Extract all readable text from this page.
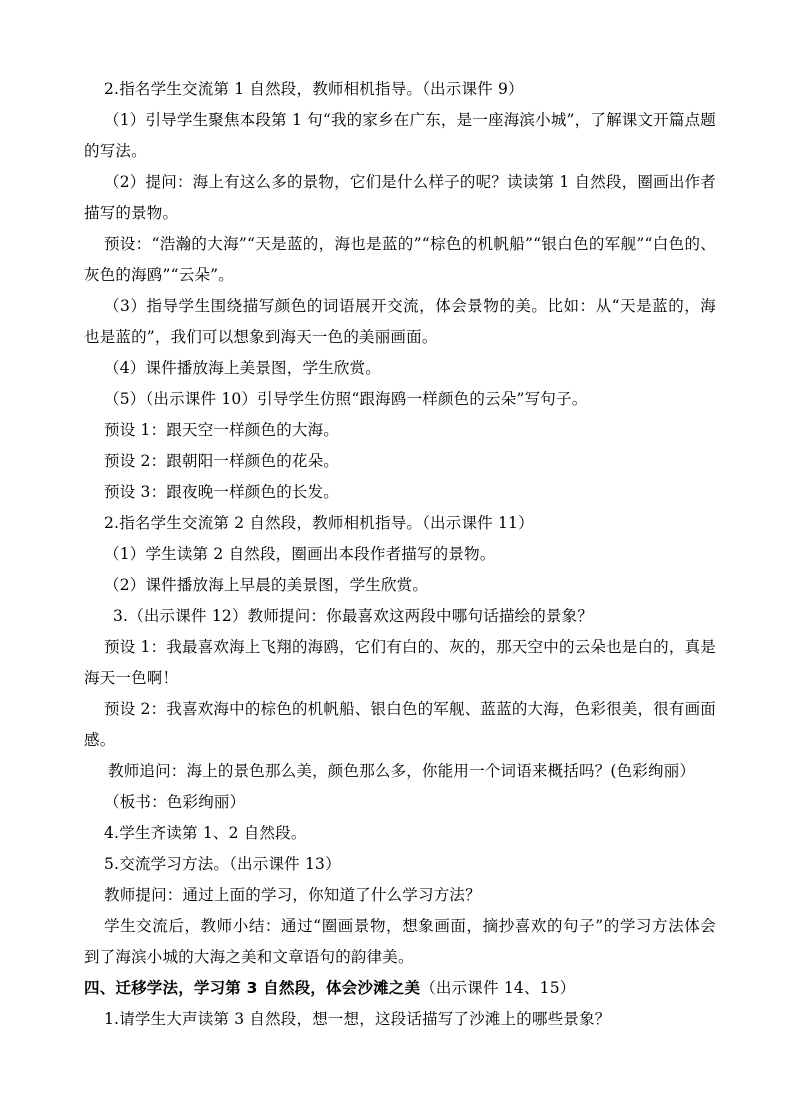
2.指名学生交流第 1 自然段，教师相机指导。（出示课件 9）

（1）引导学生聚焦本段第 1 句“我的家乡在广东，是一座海滨小城”，了解课文开篇点题的写法。

（2）提问：海上有这么多的景物，它们是什么样子的呢？读读第 1 自然段，圈画出作者描写的景物。

预设：“浩瀚的大海”“天是蓝的，海也是蓝的”“棕色的机帆船”“银白色的军舰”“白色的、灰色的海鸥”“云朵”。

（3）指导学生围绕描写颜色的词语展开交流，体会景物的美。比如：从“天是蓝的，海也是蓝的”，我们可以想象到海天一色的美丽画面。

（4）课件播放海上美景图，学生欣赏。

（5）（出示课件 10）引导学生仿照“跟海鸥一样颜色的云朵”写句子。

预设 1：跟天空一样颜色的大海。

预设 2：跟朝阳一样颜色的花朵。

预设 3：跟夜晚一样颜色的长发。

2.指名学生交流第 2 自然段，教师相机指导。（出示课件 11）

（1）学生读第 2 自然段，圈画出本段作者描写的景物。

（2）课件播放海上早晨的美景图，学生欣赏。

3.（出示课件 12）教师提问：你最喜欢这两段中哪句话描绘的景象？

预设 1：我最喜欢海上飞翔的海鸥，它们有白的、灰的，那天空中的云朵也是白的，真是海天一色啊！

预设 2：我喜欢海中的棕色的机帆船、银白色的军舰、蓝蓝的大海，色彩很美，很有画面感。

教师追问：海上的景色那么美，颜色那么多，你能用一个词语来概括吗？(色彩绚丽）

（板书：色彩绚丽）

4.学生齐读第 1、2 自然段。

5.交流学习方法。（出示课件 13）

教师提问：通过上面的学习，你知道了什么学习方法？

学生交流后，教师小结：通过“圈画景物，想象画面，摘抄喜欢的句子”的学习方法体会到了海滨小城的大海之美和文章语句的韵律美。

四、迁移学法，学习第 3 自然段，体会沙滩之美（出示课件 14、15）

1.请学生大声读第 3 自然段，想一想，这段话描写了沙滩上的哪些景象？
